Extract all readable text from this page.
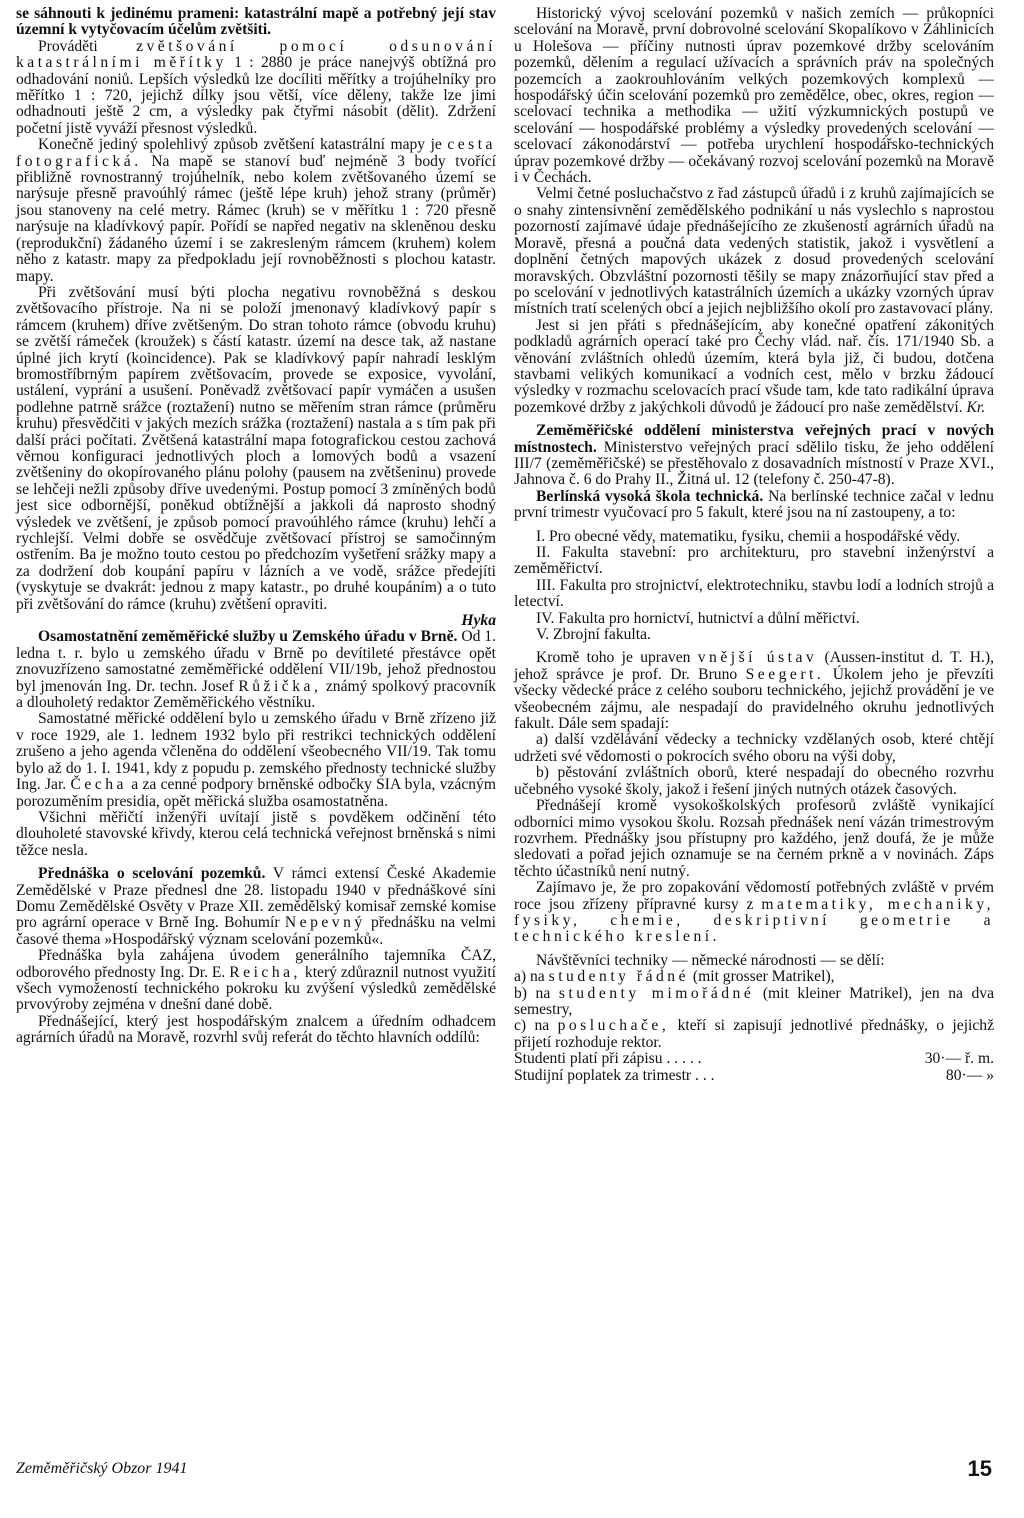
se sáhnouti k jedinému prameni: katastrální mapě a potřebný její stav územní k vytyčovacím účelům zvětšiti.

Prováděti zvětšování pomocí odsunování katastrálními měřítky 1 : 2880 je práce nanejvýš obtížná pro odhadování noniů. Lepších výsledků lze docíliti měřítky a trojúhelníky pro měřítko 1 : 720, jejichž dílky jsou větší, více děleny, takže lze jimi odhadnouti ještě 2 cm, a výsledky pak čtyřmi násobit (dělit). Zdržení početní jistě vyváží přesnost výsledků.

Konečně jediný spolehlivý způsob zvětšení katastrální mapy je cesta fotografická. Na mapě se stanoví buď nejméně 3 body tvořící přibližně rovnostranný trojúhelník, nebo kolem zvětšovaného území se narýsuje přesně pravoúhlý rámec (ještě lépe kruh) jehož strany (průměr) jsou stanoveny na celé metry. Rámec (kruh) se v měřítku 1 : 720 přesně narýsuje na kladívkový papír. Pořídí se napřed negativ na skleněnou desku (reprodukční) žádaného území i se zakresleným rámcem (kruhem) kolem něho z katastr. mapy za předpokladu její rovnoběžnosti s plochou katastr. mapy.

Při zvětšování musí býti plocha negativu rovnoběžná s deskou zvětšovacího přístroje. Na ni se položí jmenonavý kladívkový papír s rámcem (kruhem) dříve zvětšeným. Do stran tohoto rámce (obvodu kruhu) se zvětší rámeček (kroužek) s částí katastr. území na desce tak, až nastane úplné jich krytí (koincidence). Pak se kladívkový papír nahradí lesklým bromostříbrným papírem zvětšovacím, provede se exposice, vyvolání, ustálení, vyprání a usušení. Poněvadž zvětšovací papír vymáčen a usušen podlehne patrně srážce (roztažení) nutno se měřením stran rámce (průměru kruhu) přesvědčiti v jakých mezích srážka (roztažení) nastala a s tím pak při další práci počítati. Zvětšená katastrální mapa fotografickou cestou zachová věrnou konfiguraci jednotlivých ploch a lomových bodů a vsazení zvětšeniny do okopírovaného plánu polohy (pausem na zvětšeninu) provede se lehčeji nežli způsoby dříve uvedenými. Postup pomocí 3 zmíněných bodů jest sice odbornější, poněkud obtížnější a jakkoli dá naprosto shodný výsledek ve zvětšení, je způsob pomocí pravoúhlého rámce (kruhu) lehčí a rychlejší. Velmi dobře se osvědčuje zvětšovací přístroj se samočinným ostřením. Ba je možno touto cestou po předchozím vyšetření srážky mapy a za dodržení dob koupání papíru v lázních a ve vodě, srážce předejíti (vyskytuje se dvakrát: jednou z mapy katastr., po druhé koupáním) a o tuto při zvětšování do rámce (kruhu) zvětšení opraviti.

Hyka

Osamostatnění zeměměřické služby u Zemského úřadu v Brně. Od 1. ledna t. r. bylo u zemského úřadu v Brně po devítileté přestávce opět znovuzřízeno samostatné zeměměřické oddělení VII/19b, jehož přednostou byl jmenován Ing. Dr. techn. Josef Růžička, známý spolkový pracovník a dlouholetý redaktor Zeměměřického věstníku.

Samostatné měřické oddělení bylo u zemského úřadu v Brně zřízeno již v roce 1929, ale 1. lednem 1932 bylo při restrikci technických oddělení zrušeno a jeho agenda včleněna do oddělení všeobecného VII/19. Tak tomu bylo až do 1. I. 1941, kdy z popudu p. zemského přednosty technické služby Ing. Jar. Čecha a za cenné podpory brněnské odbočky SIA byla, vzácným porozuměním presidia, opět měřická služba osamostatněna.

Všichni měřičtí inženýři uvítají jistě s povděkem odčinění této dlouholeté stavovské křivdy, kterou celá technická veřejnost brněnská s nimi těžce nesla.

Přednáška o scelování pozemků. V rámci extensí České Akademie Zemědělské v Praze přednesl dne 28. listopadu 1940 v přednáškové síni Domu Zemědělské Osvěty v Praze XII. zemědělský komisař zemské komise pro agrární operace v Brně Ing. Bohumír Nepevný přednášku na velmi časové thema »Hospodářský význam scelování pozemků«.

Přednáška byla zahájena úvodem generálního tajemníka ČAZ, odborového přednosty Ing. Dr. E. Reicha, který zdůraznil nutnost využití všech vymožeností technického pokroku ku zvýšení výsledků zemědělské prvovýroby zejména v dnešní dané době.

Přednášející, který jest hospodářským znalcem a úředním odhadcem agrárních úřadů na Moravě, rozvrhl svůj referát do těchto hlavních oddílů:

Historický vývoj scelování pozemků v našich zemích — průkopníci scelování na Moravě, první dobrovolné scelování Skopalíkovo v Záhlinicích u Holešova — příčiny nutnosti úprav pozemkové držby scelováním pozemků, dělením a regulací užívacích a správních práv na společných pozemcích a zaokrouhlováním velkých pozemkových komplexů — hospodářský účin scelování pozemků pro zemědělce, obec, okres, region — scelovací technika a methodika — užití výzkumnických postupů ve scelování — hospodářské problémy a výsledky provedených scelování — scelovací zákonodárství — potřeba urychlení hospodářsko-technických úprav pozemkové držby — očekávaný rozvoj scelování pozemků na Moravě i v Čechách.

Velmi četné posluchačstvo z řad zástupců úřadů i z kruhů zajímajících se o snahy zintensivnění zemědělského podnikání u nás vyslechlo s naprostou pozorností zajímavé údaje přednášejícího ze zkušeností agrárních úřadů na Moravě, přesná a poučná data vedených statistik, jakož i vysvětlení a doplnění četných mapových ukázek z dosud provedených scelování moravských. Obzvláštní pozornosti těšily se mapy znázorňující stav před a po scelování v jednotlivých katastrálních územích a ukázky vzorných úprav místních tratí scelených obcí a jejich nejbližšího okolí pro zastavovací plány.

Jest si jen přáti s přednášejícím, aby konečné opatření zákonitých podkladů agrárních operací také pro Čechy vlád. nař. čís. 171/1940 Sb. a věnování zvláštních ohledů územím, která byla již, či budou, dotčena stavbami velikých komunikací a vodních cest, mělo v brzku žádoucí výsledky v rozmachu scelovacích prací všude tam, kde tato radikální úprava pozemkové držby z jakýchkoli důvodů je žádoucí pro naše zemědělství. Kr.

Zeměměřičské oddělení ministerstva veřejných prací v nových místnostech. Ministerstvo veřejných prací sdělilo tisku, že jeho oddělení III/7 (zeměměřičské) se přestěhovalo z dosavadních místností v Praze XVI., Jahnova č. 6 do Prahy II., Žitná ul. 12 (telefony č. 250-47-8).

Berlínská vysoká škola technická. Na berlínské technice začal v lednu první trimestr vyučovací pro 5 fakult, které jsou na ní zastoupeny, a to:

I. Pro obecné vědy, matematiku, fysiku, chemii a hospodářské vědy.

II. Fakulta stavební: pro architekturu, pro stavební inženýrství a zeměměřictví.

III. Fakulta pro strojnictví, elektrotechniku, stavbu lodí a lodních strojů a letectví.

IV. Fakulta pro hornictví, hutnictví a důlní měřictví.

V. Zbrojní fakulta.

Kromě toho je upraven vnější ústav (Aussen-institut d. T. H.), jehož správce je prof. Dr. Bruno Seegert. Úkolem jeho je převzíti všecky vědecké práce z celého souboru technického, jejichž provádění je ve všeobecném zájmu, ale nespadají do pravidelného okruhu jednotlivých fakult. Dále sem spadají:

a) další vzdělávání vědecky a technicky vzdělaných osob, které chtějí udržeti své vědomosti o pokrocích svého oboru na výši doby,

b) pěstování zvláštních oborů, které nespadají do obecného rozvrhu učebného vysoké školy, jakož i řešení jiných nutných otázek časových.

Přednášejí kromě vysokoškolských profesorů zvláště vynikající odborníci mimo vysokou školu. Rozsah přednášek není vázán trimestrovým rozvrhem. Přednášky jsou přístupny pro každého, jenž doufá, že je může sledovati a pořad jejich oznamuje se na černém prkně a v novinách. Záps těchto účastníků není nutný.

Zajímavo je, že pro zopakování vědomostí potřebných zvláště v prvém roce jsou zřízeny přípravné kursy z matematiky, mechaniky, fysiky, chemie, deskriptivní geometrie a technického kreslení.

Návštěvníci techniky — německé národnosti — se dělí:

a) na studenty řádné (mit grosser Matrikel),

b) na studenty mimořádné (mit kleiner Matrikel), jen na dva semestry,

c) na posluchače, kteří si zapisují jednotlivé přednášky, o jejichž přijetí rozhoduje rektor.

Studenti platí při zápisu . . . . .	30·— ř. m.

Studijní poplatek za trimestr . . .	80·— »

Zeměměřičský Obzor 1941	15
